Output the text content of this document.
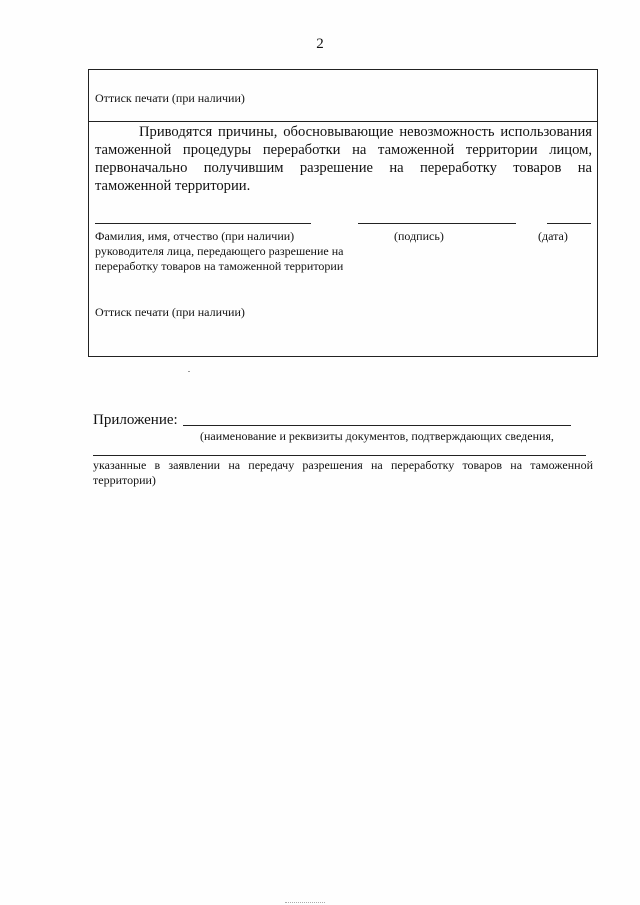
2
Оттиск печати (при наличии)

Приводятся причины, обосновывающие невозможность использования таможенной процедуры переработки на таможенной территории лицом, первоначально получившим разрешение на переработку товаров на таможенной территории.

Фамилия, имя, отчество (при наличии) руководителя лица, передающего разрешение на переработку товаров на таможенной территории
(подпись)	(дата)
Оттиск печати (при наличии)
Приложение:
(наименование и реквизиты документов, подтверждающих сведения,
указанные в заявлении на передачу разрешения на переработку товаров на таможенной территории)
